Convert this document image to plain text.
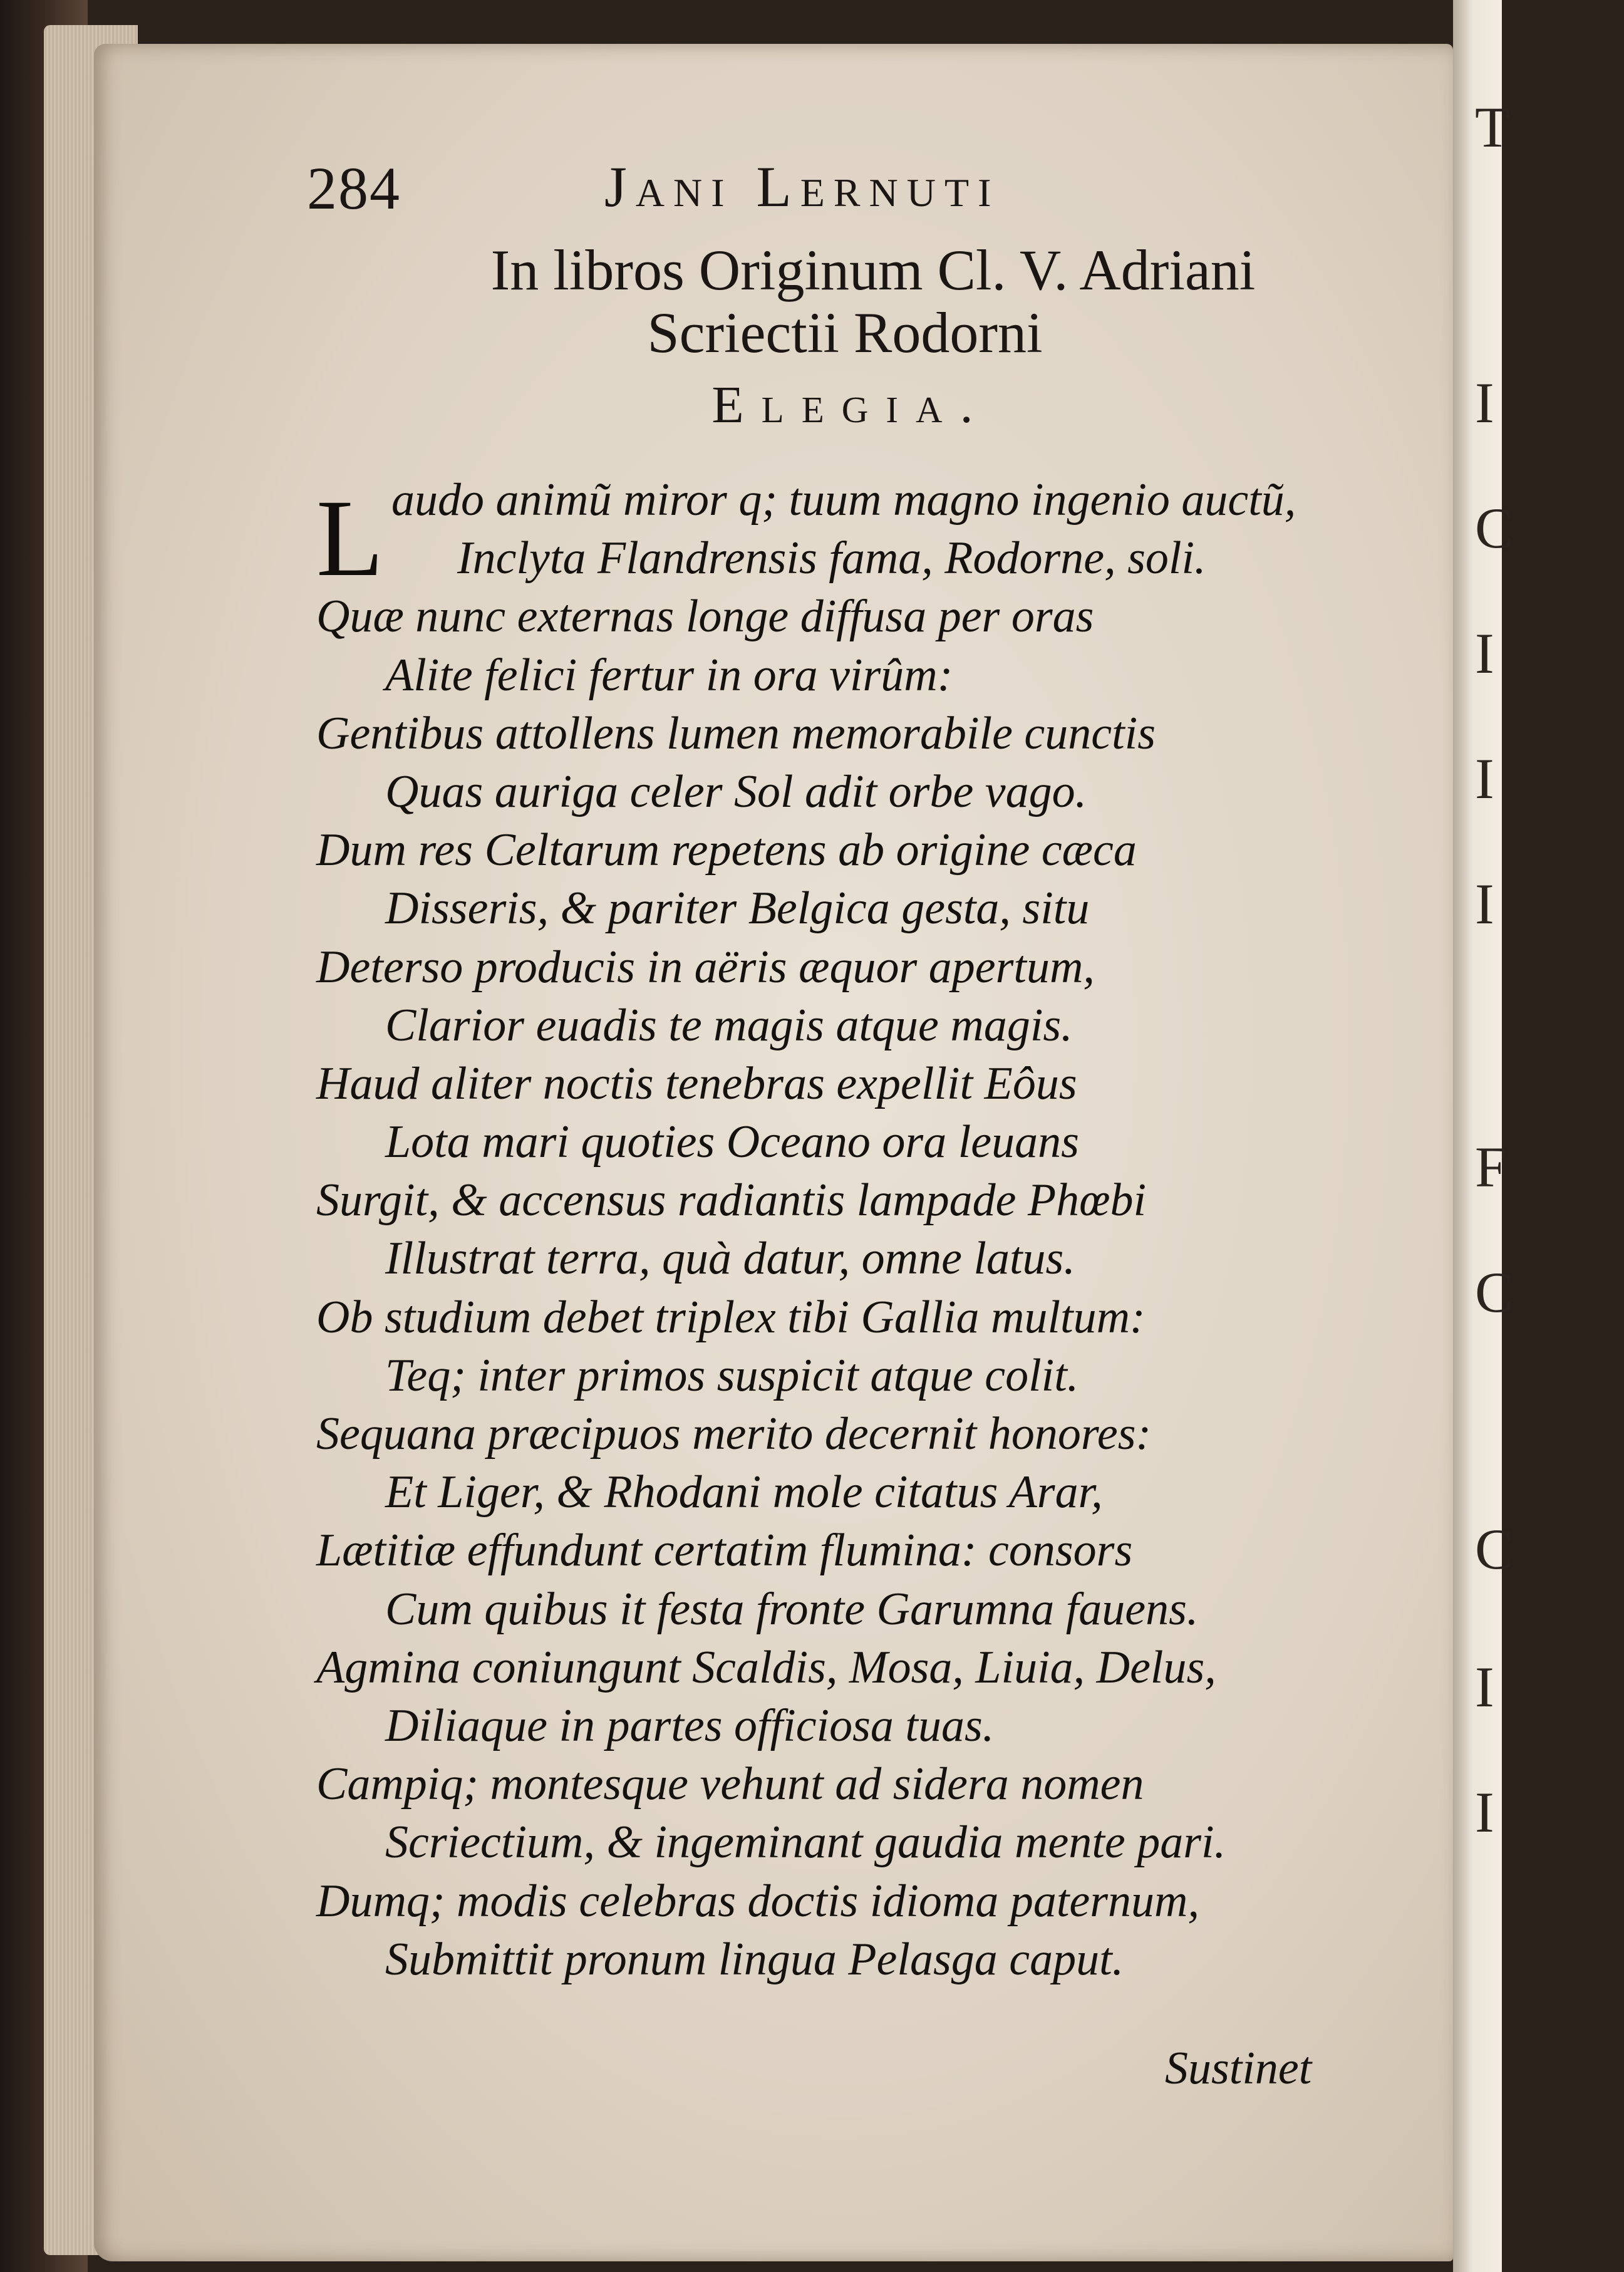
T
I
C
I
I
I
F
C
C
I
I
284	Jani Lernuti
In libros Originum Cl. V. Adriani
Scriectii Rodorni
Elegia.
L audo animũ miror q; tuum magno ingenio auctũ,
Inclyta Flandrensis fama, Rodorne, soli.
Quæ nunc externas longe diffusa per oras
Alite felici fertur in ora virûm:
Gentibus attollens lumen memorabile cunctis
Quas auriga celer Sol adit orbe vago.
Dum res Celtarum repetens ab origine cæca
Disseris, & pariter Belgica gesta, situ
Deterso producis in aëris æquor apertum,
Clarior euadis te magis atque magis.
Haud aliter noctis tenebras expellit Eôus
Lota mari quoties Oceano ora leuans
Surgit, & accensus radiantis lampade Phœbi
Illustrat terra, quà datur, omne latus.
Ob studium debet triplex tibi Gallia multum:
Teq; inter primos suspicit atque colit.
Sequana præcipuos merito decernit honores:
Et Liger, & Rhodani mole citatus Arar,
Lætitiæ effundunt certatim flumina: consors
Cum quibus it festa fronte Garumna fauens.
Agmina coniungunt Scaldis, Mosa, Liuia, Delus,
Diliaque in partes officiosa tuas.
Campiq; montesque vehunt ad sidera nomen
Scriectium, & ingeminant gaudia mente pari.
Dumq; modis celebras doctis idioma paternum,
Submittit pronum lingua Pelasga caput.
Sustinet
